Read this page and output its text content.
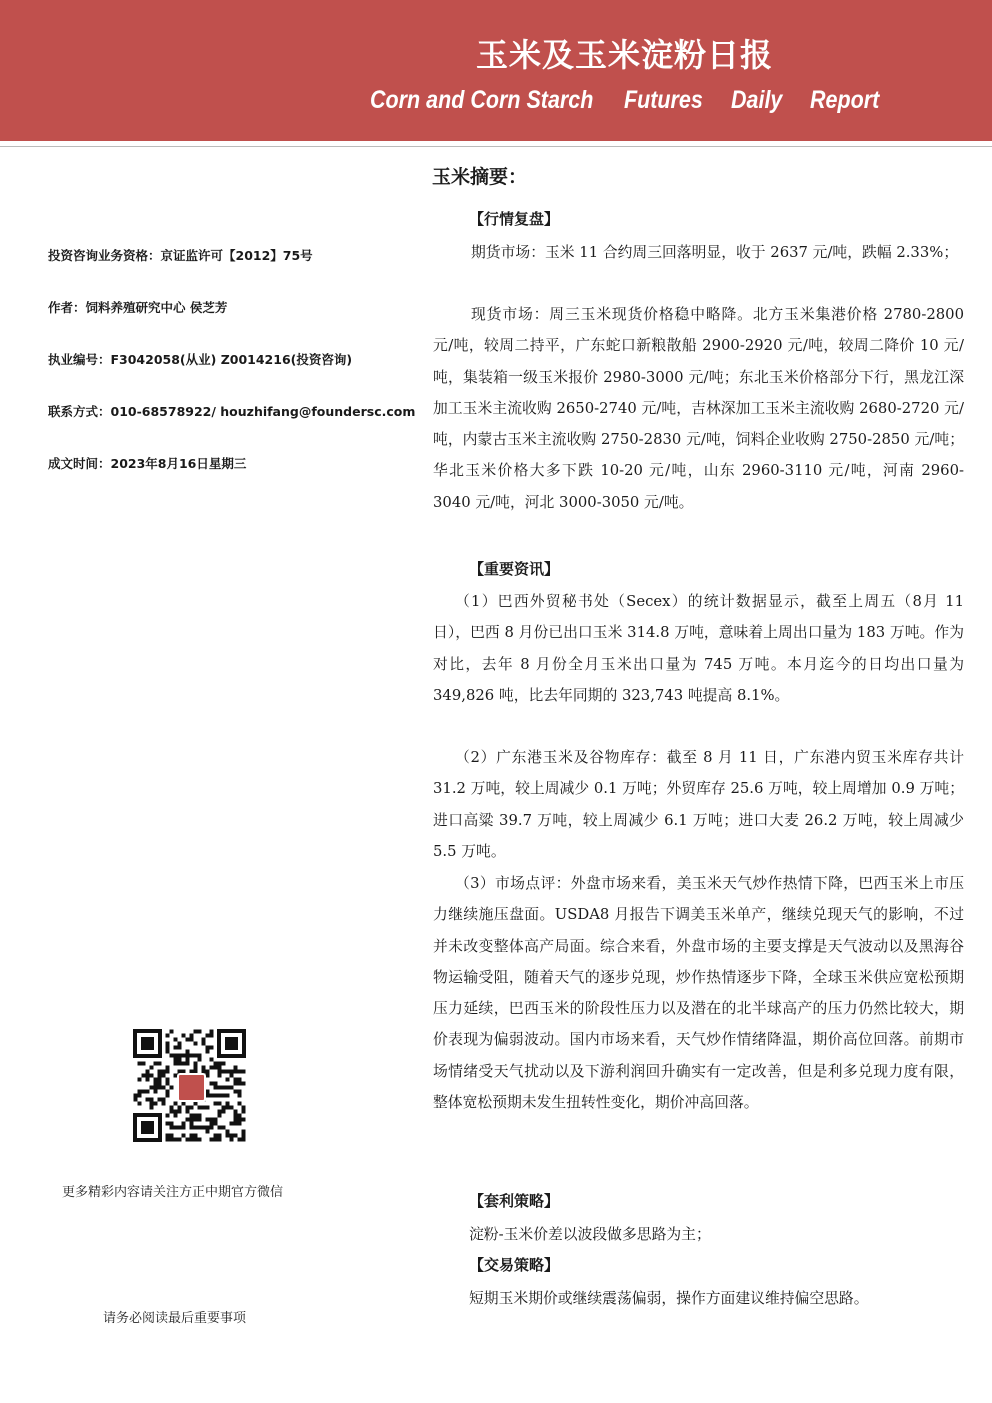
玉米及玉米淀粉日报
Corn and Corn Starch Futures Daily Report
投资咨询业务资格：京证监许可【2012】75号
作者：饲料养殖研究中心 侯芝芳
执业编号：F3042058(从业) Z0014216(投资咨询)
联系方式：010-68578922/ houzhifang@foundersc.com
成文时间：2023年8月16日星期三
更多精彩内容请关注方正中期官方微信
请务必阅读最后重要事项
玉米摘要：
【行情复盘】
期货市场：玉米 11 合约周三回落明显，收于 2637 元/吨，跌幅 2.33%；
现货市场：周三玉米现货价格稳中略降。北方玉米集港价格 2780-2800 元/吨，较周二持平，广东蛇口新粮散船 2900-2920 元/吨，较周二降价 10 元/吨，集装箱一级玉米报价 2980-3000 元/吨；东北玉米价格部分下行，黑龙江深加工玉米主流收购 2650-2740 元/吨，吉林深加工玉米主流收购 2680-2720 元/吨，内蒙古玉米主流收购 2750-2830 元/吨，饲料企业收购 2750-2850 元/吨；华北玉米价格大多下跌 10-20 元/吨，山东 2960-3110 元/吨，河南 2960-3040 元/吨，河北 3000-3050 元/吨。
【重要资讯】
（1）巴西外贸秘书处（Secex）的统计数据显示，截至上周五（8月 11 日），巴西 8 月份已出口玉米 314.8 万吨，意味着上周出口量为 183 万吨。作为对比，去年 8 月份全月玉米出口量为 745 万吨。本月迄今的日均出口量为 349,826 吨，比去年同期的 323,743 吨提高 8.1%。
（2）广东港玉米及谷物库存：截至 8 月 11 日，广东港内贸玉米库存共计 31.2 万吨，较上周减少 0.1 万吨；外贸库存 25.6 万吨，较上周增加 0.9 万吨；进口高粱 39.7 万吨，较上周减少 6.1 万吨；进口大麦 26.2 万吨，较上周减少 5.5 万吨。
（3）市场点评：外盘市场来看，美玉米天气炒作热情下降，巴西玉米上市压力继续施压盘面。USDA8 月报告下调美玉米单产，继续兑现天气的影响，不过并未改变整体高产局面。综合来看，外盘市场的主要支撑是天气波动以及黑海谷物运输受阻，随着天气的逐步兑现，炒作热情逐步下降，全球玉米供应宽松预期压力延续，巴西玉米的阶段性压力以及潜在的北半球高产的压力仍然比较大，期价表现为偏弱波动。国内市场来看，天气炒作情绪降温，期价高位回落。前期市场情绪受天气扰动以及下游利润回升确实有一定改善，但是利多兑现力度有限，整体宽松预期未发生扭转性变化，期价冲高回落。
【套利策略】
淀粉-玉米价差以波段做多思路为主；
【交易策略】
短期玉米期价或继续震荡偏弱，操作方面建议维持偏空思路。
